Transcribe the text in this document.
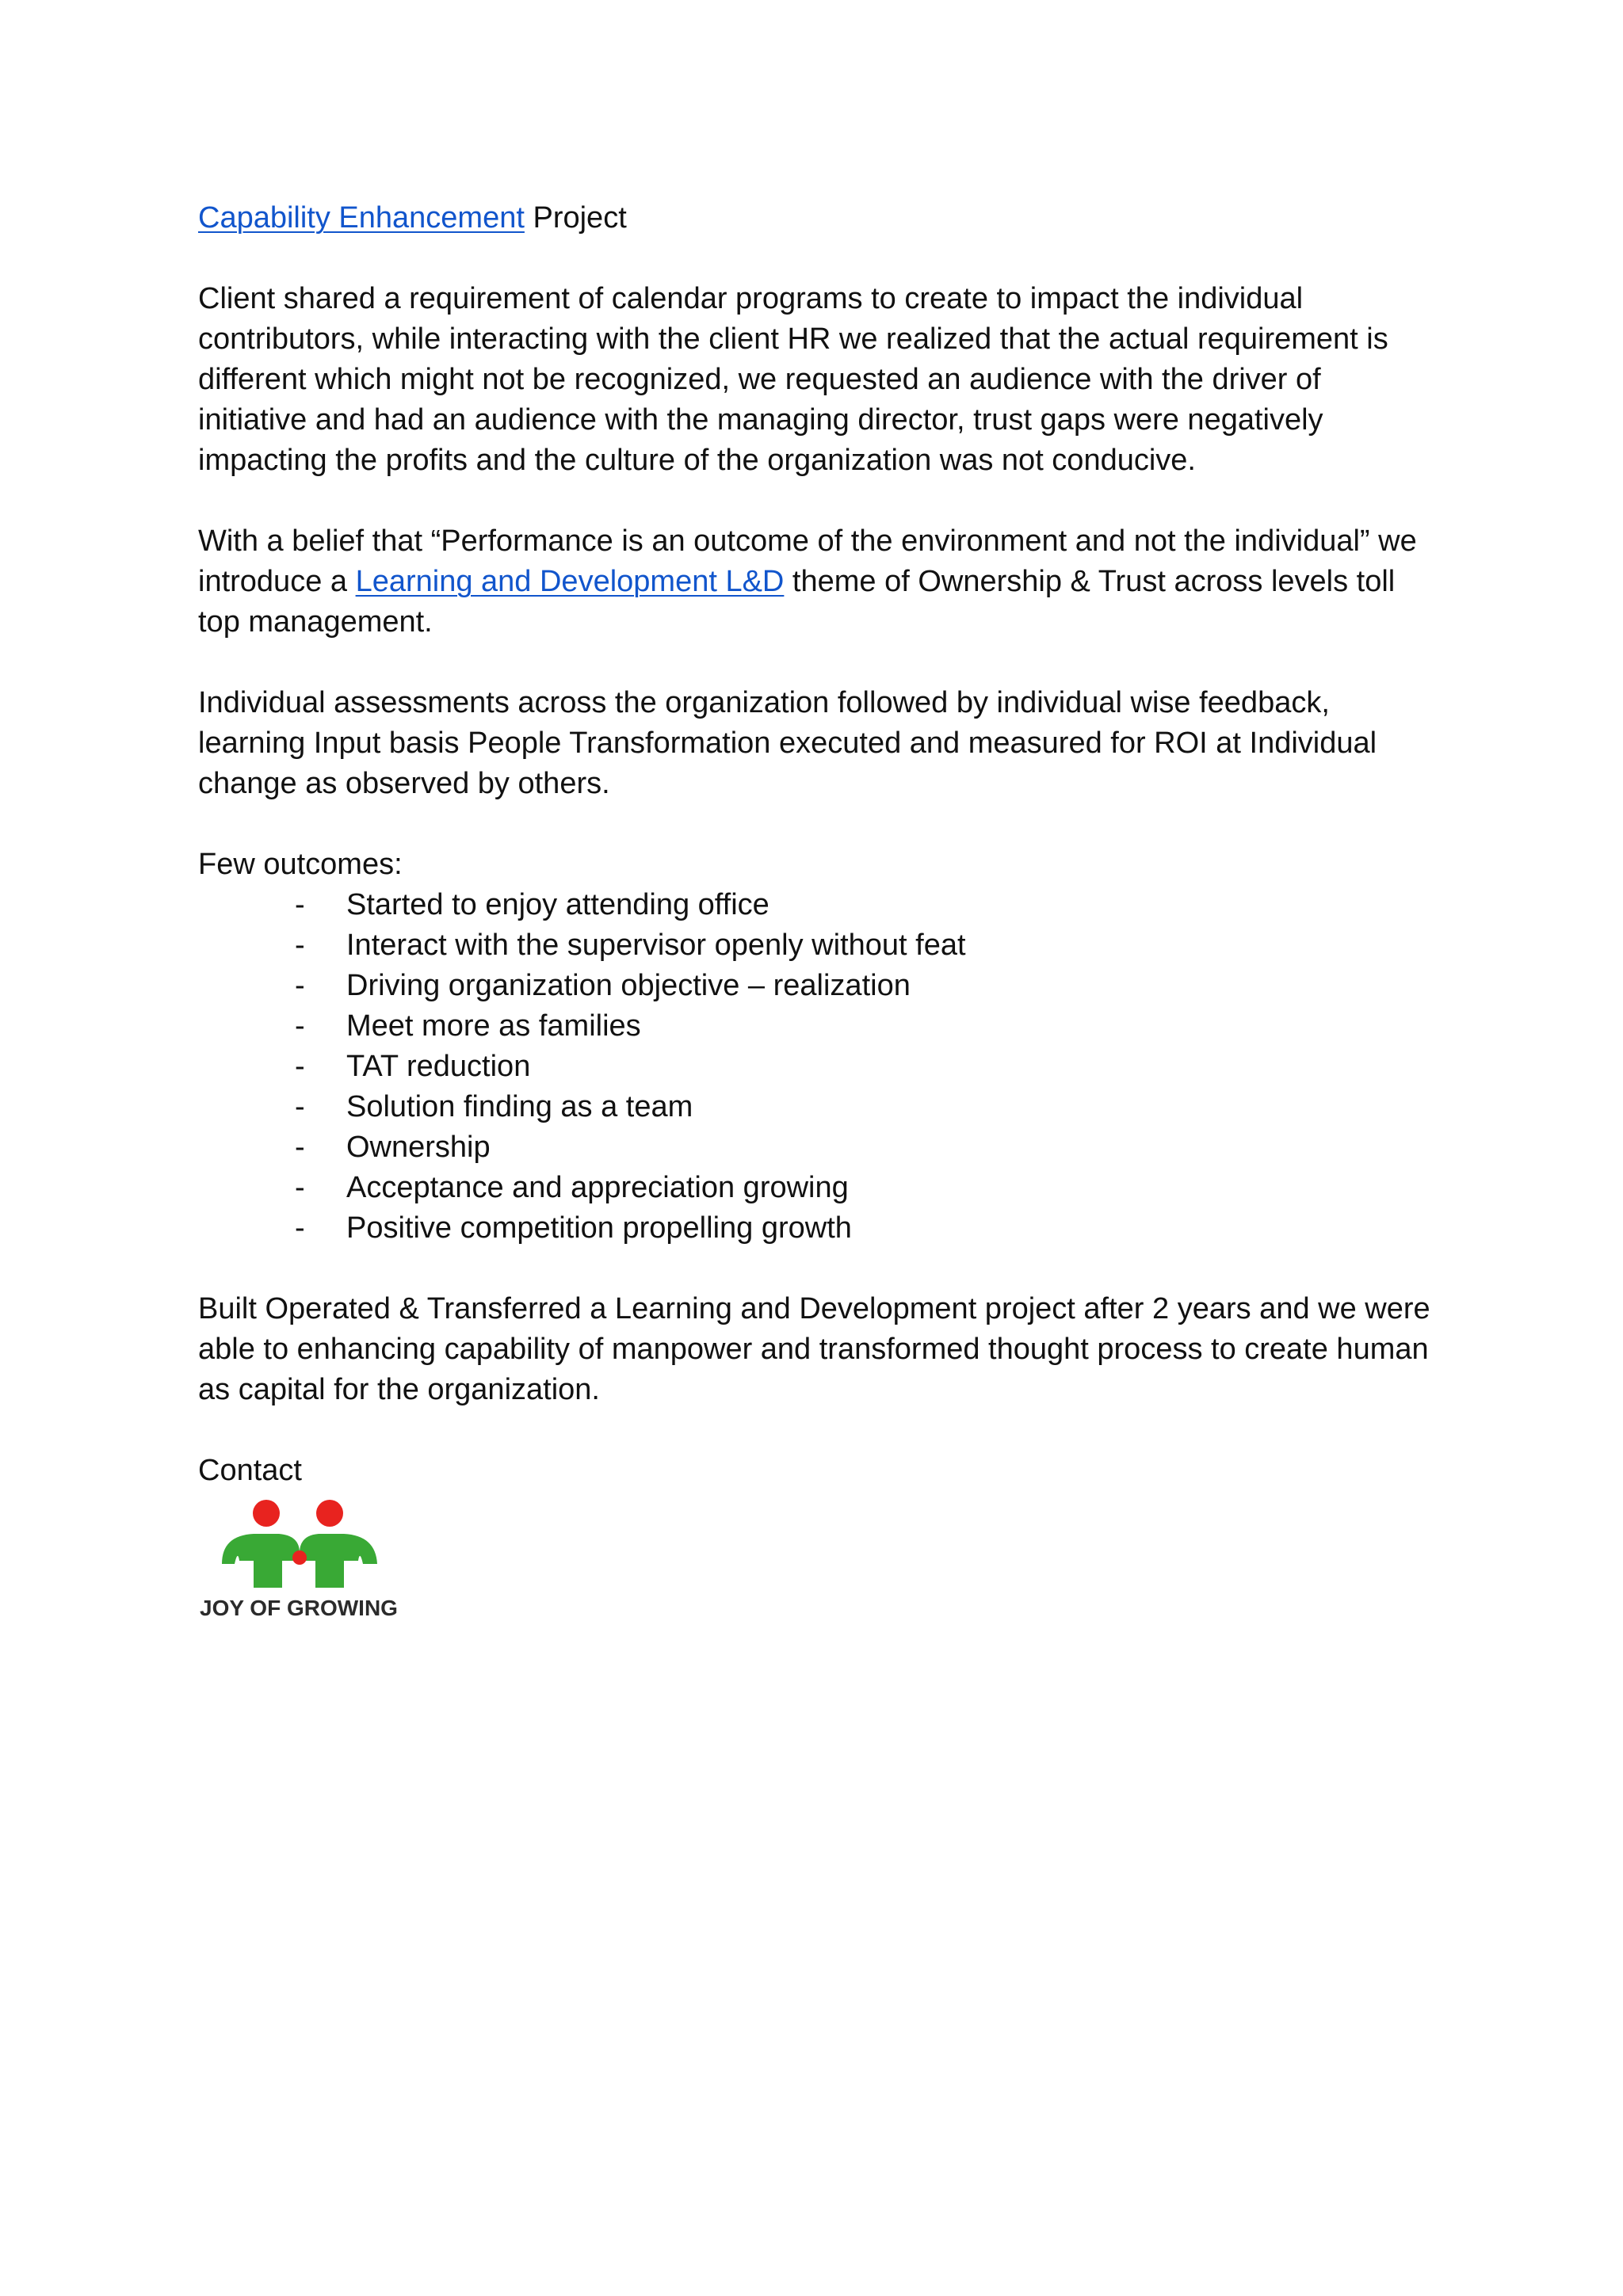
Capability Enhancement Project

Client shared a requirement of calendar programs to create to impact the individual contributors, while interacting with the client HR we realized that the actual requirement is different which might not be recognized, we requested an audience with the driver of initiative and had an audience with the managing director, trust gaps were negatively impacting the profits and the culture of the organization was not conducive.

With a belief that “Performance is an outcome of the environment and not the individual” we introduce a Learning and Development L&D theme of Ownership & Trust across levels toll top management.

Individual assessments across the organization followed by individual wise feedback, learning Input basis People Transformation executed and measured for ROI at Individual change as observed by others.

Few outcomes:
- Started to enjoy attending office
- Interact with the supervisor openly without feat
- Driving organization objective – realization
- Meet more as families
- TAT reduction
- Solution finding as a team
- Ownership
- Acceptance and appreciation growing
- Positive competition propelling growth

Built Operated & Transferred a Learning and Development project after 2 years and we were able to enhancing capability of manpower and transformed thought process to create human as capital for the organization.

Contact
JOY OF GROWING
